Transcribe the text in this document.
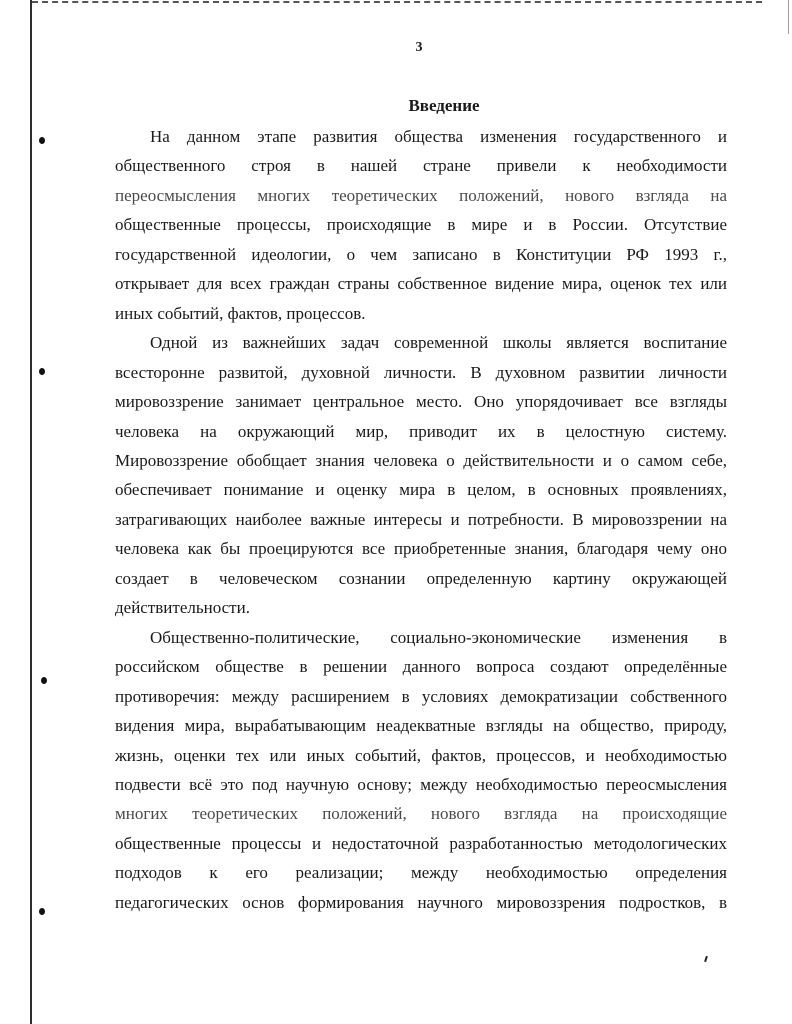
3
Введение
На данном этапе развития общества изменения государственного и
общественного строя в нашей стране привели к необходимости
переосмысления многих теоретических положений, нового взгляда на
общественные процессы, происходящие в мире и в России. Отсутствие
государственной идеологии, о чем записано в Конституции РФ 1993 г.,
открывает для всех граждан страны собственное видение мира, оценок тех или
иных событий, фактов, процессов.
Одной из важнейших задач современной школы является воспитание
всесторонне развитой, духовной личности. В духовном развитии личности
мировоззрение занимает центральное место. Оно упорядочивает все взгляды
человека на окружающий мир, приводит их в целостную систему.
Мировоззрение обобщает знания человека о действительности и о самом себе,
обеспечивает понимание и оценку мира в целом, в основных проявлениях,
затрагивающих наиболее важные интересы и потребности. В мировоззрении на
человека как бы проецируются все приобретенные знания, благодаря чему оно
создает в человеческом сознании определенную картину окружающей
действительности.
Общественно-политические, социально-экономические изменения в
российском обществе в решении данного вопроса создают определённые
противоречия: между расширением в условиях демократизации собственного
видения мира, вырабатывающим неадекватные взгляды на общество, природу,
жизнь, оценки тех или иных событий, фактов, процессов, и необходимостью
подвести всё это под научную основу; между необходимостью переосмысления
многих теоретических положений, нового взгляда на происходящие
общественные процессы и недостаточной разработанностью методологических
подходов к его реализации; между необходимостью определения
педагогических основ формирования научного мировоззрения подростков, в
